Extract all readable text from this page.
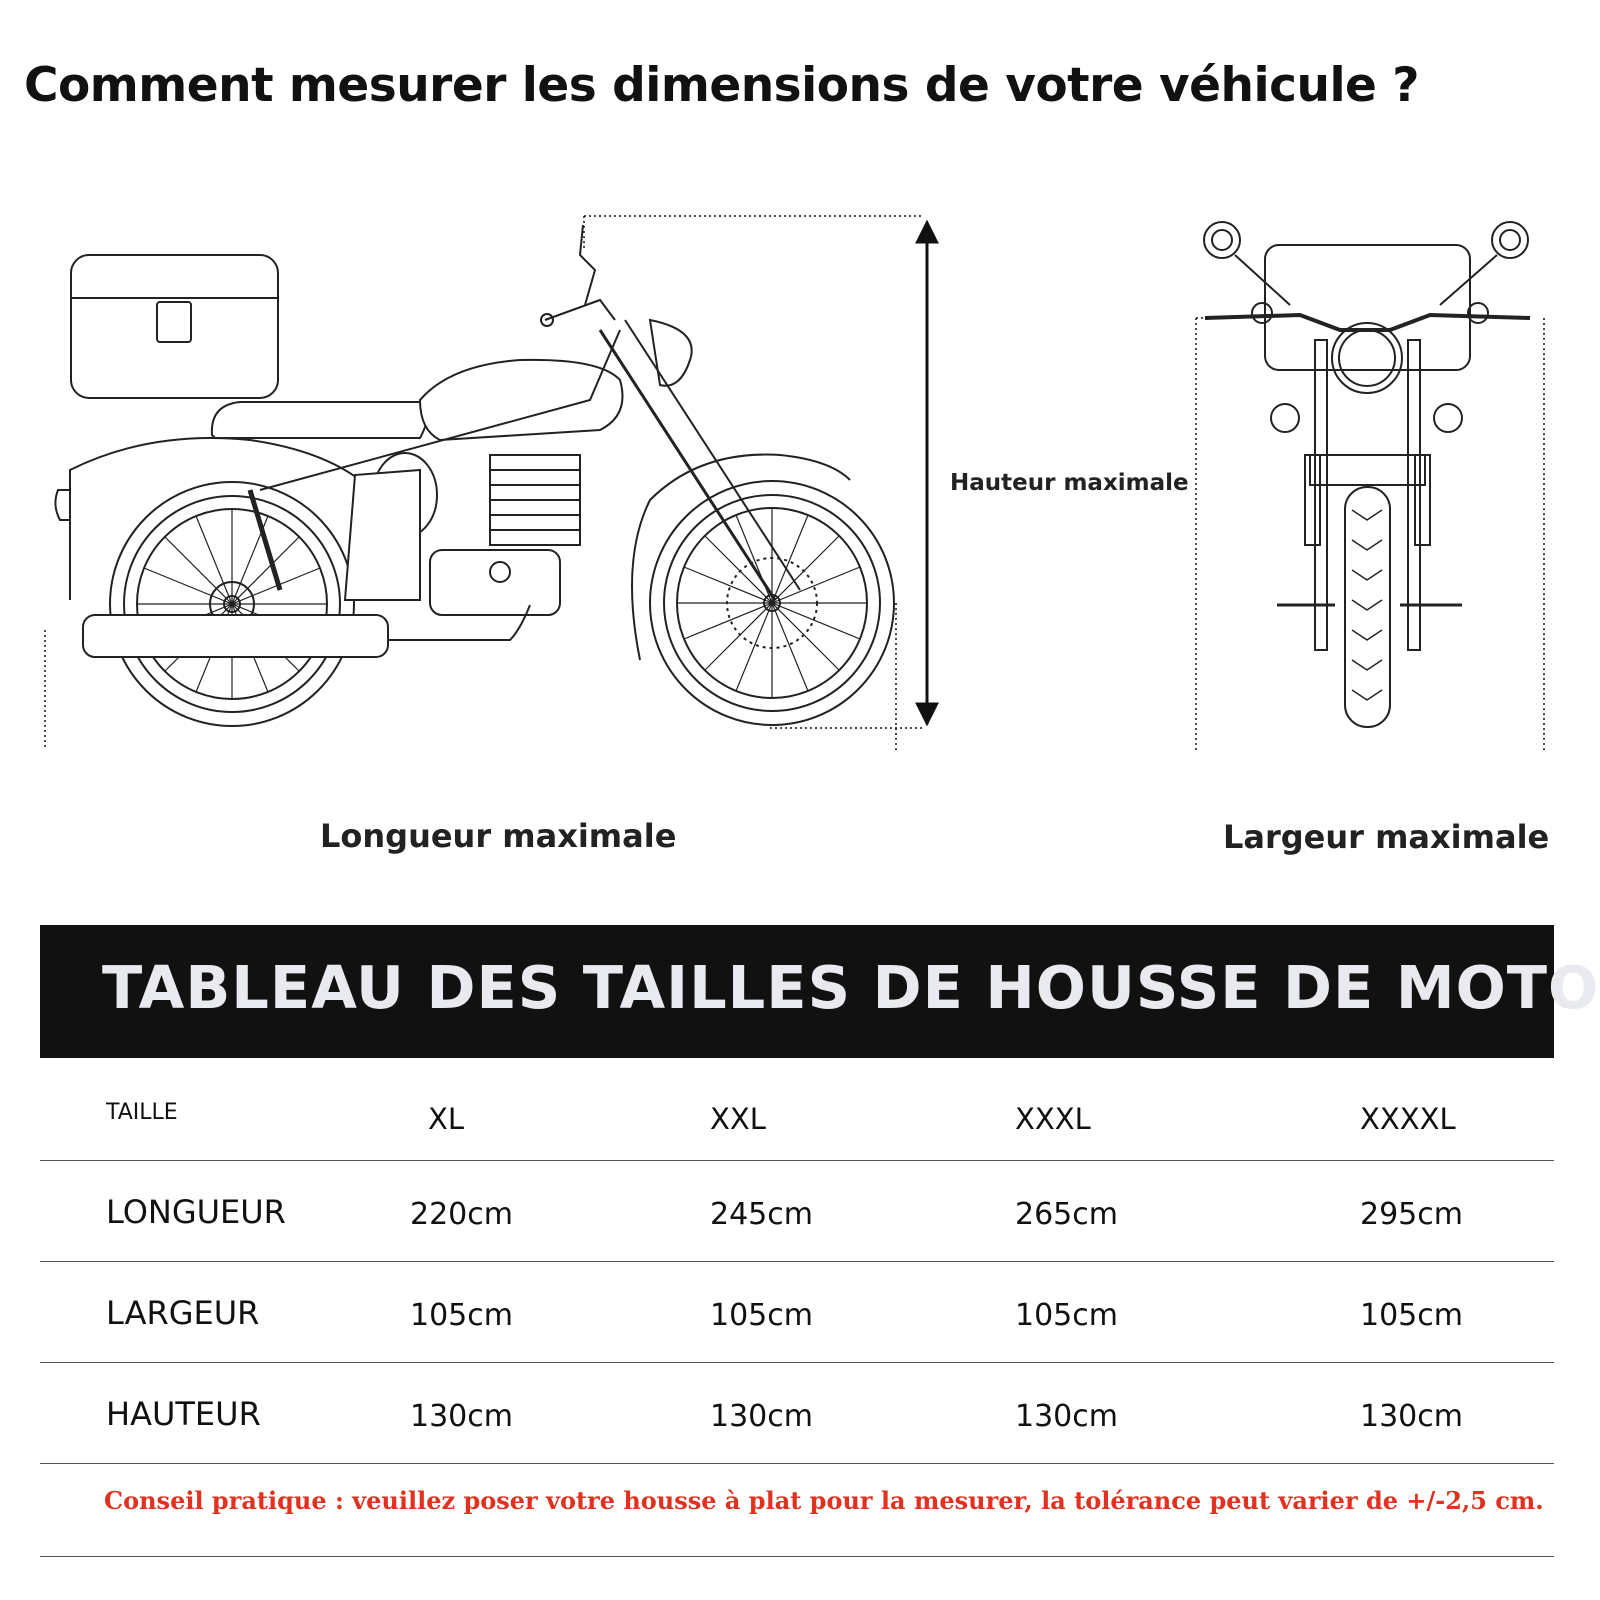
Comment mesurer les dimensions de votre véhicule ?
Hauteur maximale
Longueur maximale	Largeur maximale
TABLEAU DES TAILLES DE HOUSSE DE MOTO
TAILLE	XL	XXL	XXXL	XXXXL
LONGUEUR	220cm	245cm	265cm	295cm
LARGEUR	105cm	105cm	105cm	105cm
HAUTEUR	130cm	130cm	130cm	130cm

Conseil pratique : veuillez poser votre housse à plat pour la mesurer, la tolérance peut varier de +/-2,5 cm.
